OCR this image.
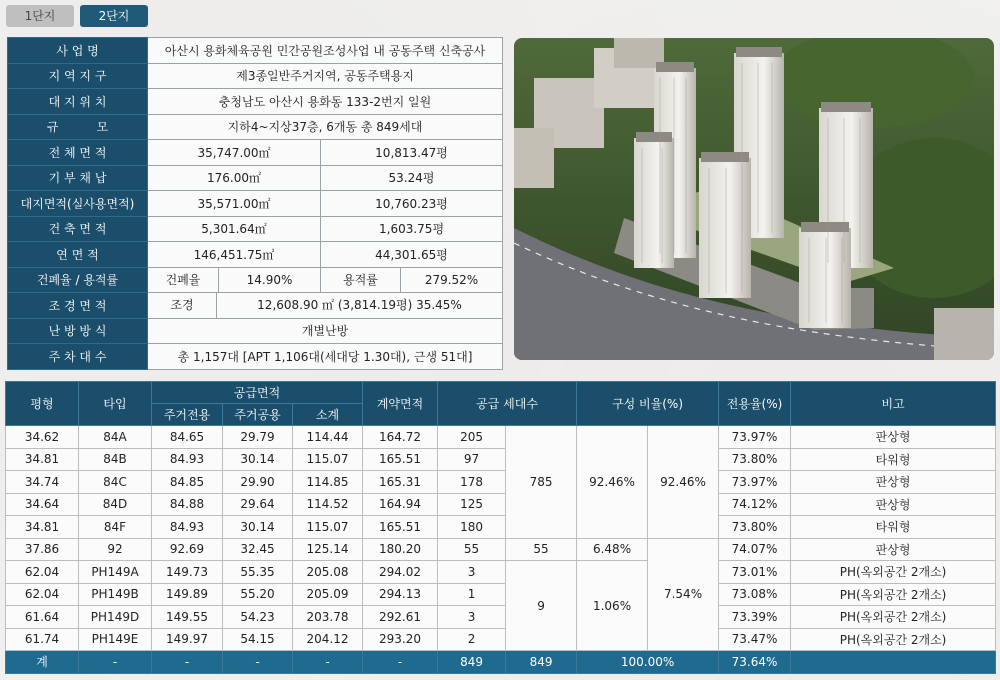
1단지	2단지
사 업 명	아산시 용화체육공원 민간공원조성사업 내 공동주택 신축공사		
지 역 지 구	제3종일반주거지역, 공동주택용지		
대 지 위 치	충청남도 아산시 용화동 133-2번지 일원		
규          모	지하4~지상37층, 6개동 총 849세대		
전 체 면 적	35,747.00㎡	10,813.47평	
기 부 채 납	176.00㎡	53.24평	
대지면적(실사용면적)	35,571.00㎡	10,760.23평	
건 축 면 적	5,301.64㎡	1,603.75평	
연 면 적	146,451.75㎡	44,301.65평	
건폐율 / 용적률	건폐율 14.90%	용적률	279.52%
조 경 면 적	조경 12,608.90 ㎡ (3,814.19평) 35.45%		

난 방 방 식	개별난방		
주 차 대 수	총 1,157대 [APT 1,106대(세대당 1.30대), 근생 51대]		
평형	타입	공급면적			계약면적	공급 세대수		구성 비율(%)		전용율(%)	비고
		주거전용	주거공용	소계							
34.62	84A	84.65	29.79	114.44	164.72	205	785	92.46%	92.46%	73.97%	판상형
34.81	84B	84.93	30.14	115.07	165.51	97				73.80%	타워형
34.74	84C	84.85	29.90	114.85	165.31	178				73.97%	판상형
34.64	84D	84.88	29.64	114.52	164.94	125				74.12%	판상형
34.81	84F	84.93	30.14	115.07	165.51	180				73.80%	타워형
37.86	92	92.69	32.45	125.14	180.20	55	55	6.48%	7.54%	74.07%	판상형
62.04	PH149A	149.73	55.35	205.08	294.02	3	9	1.06%		73.01%	PH(옥외공간 2개소)
62.04	PH149B	149.89	55.20	205.09	294.13	1				73.08%	PH(옥외공간 2개소)
61.64	PH149D	149.55	54.23	203.78	292.61	3				73.39%	PH(옥외공간 2개소)
61.74	PH149E	149.97	54.15	204.12	293.20	2				73.47%	PH(옥외공간 2개소)
계	-	-	-	-	-	849	849	100.00%		73.64%	
